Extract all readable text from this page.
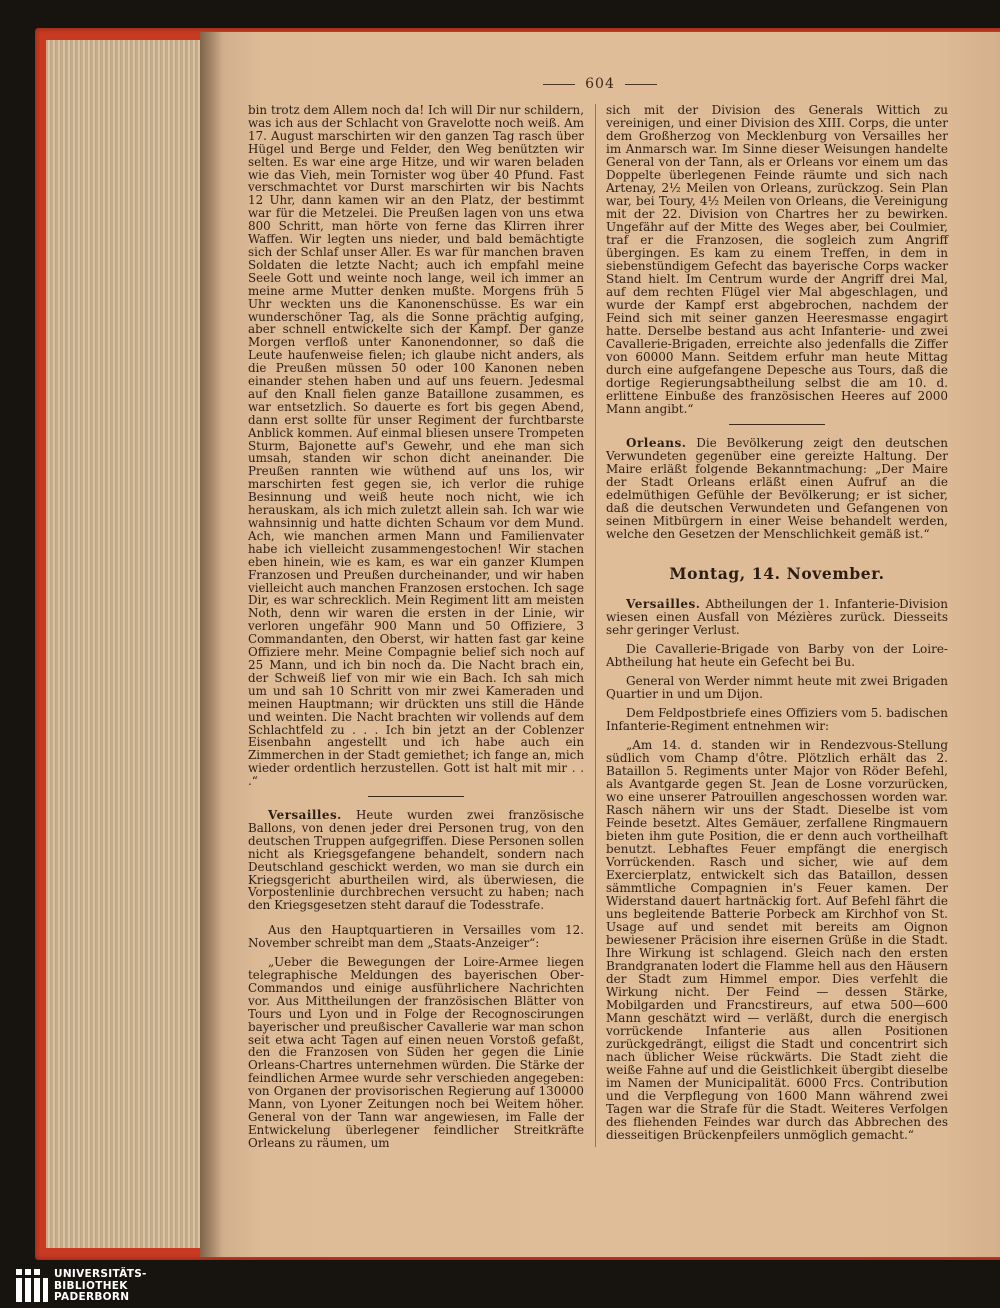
604

bin trotz dem Allem noch da! Ich will Dir nur schildern, was ich aus der Schlacht von Gravelotte noch weiß. Am 17. August marschirten wir den ganzen Tag rasch über Hügel und Berge und Felder, den Weg benützten wir selten. Es war eine arge Hitze, und wir waren beladen wie das Vieh, mein Tornister wog über 40 Pfund. Fast verschmachtet vor Durst marschirten wir bis Nachts 12 Uhr, dann kamen wir an den Platz, der bestimmt war für die Metzelei. Die Preußen lagen von uns etwa 800 Schritt, man hörte von ferne das Klirren ihrer Waffen. Wir legten uns nieder, und bald bemächtigte sich der Schlaf unser Aller. Es war für manchen braven Soldaten die letzte Nacht; auch ich empfahl meine Seele Gott und weinte noch lange, weil ich immer an meine arme Mutter denken mußte. Morgens früh 5 Uhr weckten uns die Kanonenschüsse. Es war ein wunderschöner Tag, als die Sonne prächtig aufging, aber schnell entwickelte sich der Kampf. Der ganze Morgen verfloß unter Kanonendonner, so daß die Leute haufenweise fielen; ich glaube nicht anders, als die Preußen müssen 50 oder 100 Kanonen neben einander stehen haben und auf uns feuern. Jedesmal auf den Knall fielen ganze Bataillone zusammen, es war entsetzlich. So dauerte es fort bis gegen Abend, dann erst sollte für unser Regiment der furchtbarste Anblick kommen. Auf einmal bliesen unsere Trompeten Sturm, Bajonette auf's Gewehr, und ehe man sich umsah, standen wir schon dicht aneinander. Die Preußen rannten wie wüthend auf uns los, wir marschirten fest gegen sie, ich verlor die ruhige Besinnung und weiß heute noch nicht, wie ich herauskam, als ich mich zuletzt allein sah. Ich war wie wahnsinnig und hatte dichten Schaum vor dem Mund. Ach, wie manchen armen Mann und Familienvater habe ich vielleicht zusammengestochen! Wir stachen eben hinein, wie es kam, es war ein ganzer Klumpen Franzosen und Preußen durcheinander, und wir haben vielleicht auch manchen Franzosen erstochen. Ich sage Dir, es war schrecklich. Mein Regiment litt am meisten Noth, denn wir waren die ersten in der Linie, wir verloren ungefähr 900 Mann und 50 Offiziere, 3 Commandanten, den Oberst, wir hatten fast gar keine Offiziere mehr. Meine Compagnie belief sich noch auf 25 Mann, und ich bin noch da. Die Nacht brach ein, der Schweiß lief von mir wie ein Bach. Ich sah mich um und sah 10 Schritt von mir zwei Kameraden und meinen Hauptmann; wir drückten uns still die Hände und weinten. Die Nacht brachten wir vollends auf dem Schlachtfeld zu . . . Ich bin jetzt an der Coblenzer Eisenbahn angestellt und ich habe auch ein Zimmerchen in der Stadt gemiethet; ich fange an, mich wieder ordentlich herzustellen. Gott ist halt mit mir . . .“

Versailles. Heute wurden zwei französische Ballons, von denen jeder drei Personen trug, von den deutschen Truppen aufgegriffen. Diese Personen sollen nicht als Kriegsgefangene behandelt, sondern nach Deutschland geschickt werden, wo man sie durch ein Kriegsgericht aburtheilen wird, als überwiesen, die Vorpostenlinie durchbrechen versucht zu haben; nach den Kriegsgesetzen steht darauf die Todesstrafe.

Aus den Hauptquartieren in Versailles vom 12. November schreibt man dem „Staats-Anzeiger“:

„Ueber die Bewegungen der Loire-Armee liegen telegraphische Meldungen des bayerischen Ober-Commandos und einige ausführlichere Nachrichten vor. Aus Mittheilungen der französischen Blätter von Tours und Lyon und in Folge der Recognoscirungen bayerischer und preußischer Cavallerie war man schon seit etwa acht Tagen auf einen neuen Vorstoß gefaßt, den die Franzosen von Süden her gegen die Linie Orleans-Chartres unternehmen würden. Die Stärke der feindlichen Armee wurde sehr verschieden angegeben: von Organen der provisorischen Regierung auf 130000 Mann, von Lyoner Zeitungen noch bei Weitem höher. General von der Tann war angewiesen, im Falle der Entwickelung überlegener feindlicher Streitkräfte Orleans zu räumen, um

sich mit der Division des Generals Wittich zu vereinigen, und einer Division des XIII. Corps, die unter dem Großherzog von Mecklenburg von Versailles her im Anmarsch war. Im Sinne dieser Weisungen handelte General von der Tann, als er Orleans vor einem um das Doppelte überlegenen Feinde räumte und sich nach Artenay, 2½ Meilen von Orleans, zurückzog. Sein Plan war, bei Toury, 4½ Meilen von Orleans, die Vereinigung mit der 22. Division von Chartres her zu bewirken. Ungefähr auf der Mitte des Weges aber, bei Coulmier, traf er die Franzosen, die sogleich zum Angriff übergingen. Es kam zu einem Treffen, in dem in siebenstündigem Gefecht das bayerische Corps wacker Stand hielt. Im Centrum wurde der Angriff drei Mal, auf dem rechten Flügel vier Mal abgeschlagen, und wurde der Kampf erst abgebrochen, nachdem der Feind sich mit seiner ganzen Heeresmasse engagirt hatte. Derselbe bestand aus acht Infanterie- und zwei Cavallerie-Brigaden, erreichte also jedenfalls die Ziffer von 60000 Mann. Seitdem erfuhr man heute Mittag durch eine aufgefangene Depesche aus Tours, daß die dortige Regierungsabtheilung selbst die am 10. d. erlittene Einbuße des französischen Heeres auf 2000 Mann angibt.“

Orleans. Die Bevölkerung zeigt den deutschen Verwundeten gegenüber eine gereizte Haltung. Der Maire erläßt folgende Bekanntmachung: „Der Maire der Stadt Orleans erläßt einen Aufruf an die edelmüthigen Gefühle der Bevölkerung; er ist sicher, daß die deutschen Verwundeten und Gefangenen von seinen Mitbürgern in einer Weise behandelt werden, welche den Gesetzen der Menschlichkeit gemäß ist.“

Montag, 14. November.

Versailles. Abtheilungen der 1. Infanterie-Division wiesen einen Ausfall von Mézières zurück. Diesseits sehr geringer Verlust.

Die Cavallerie-Brigade von Barby von der Loire-Abtheilung hat heute ein Gefecht bei Bu.

General von Werder nimmt heute mit zwei Brigaden Quartier in und um Dijon.

Dem Feldpostbriefe eines Offiziers vom 5. badischen Infanterie-Regiment entnehmen wir:

„Am 14. d. standen wir in Rendezvous-Stellung südlich vom Champ d'ôtre. Plötzlich erhält das 2. Bataillon 5. Regiments unter Major von Röder Befehl, als Avantgarde gegen St. Jean de Losne vorzurücken, wo eine unserer Patrouillen angeschossen worden war. Rasch nähern wir uns der Stadt. Dieselbe ist vom Feinde besetzt. Altes Gemäuer, zerfallene Ringmauern bieten ihm gute Position, die er denn auch vortheilhaft benutzt. Lebhaftes Feuer empfängt die energisch Vorrückenden. Rasch und sicher, wie auf dem Exercierplatz, entwickelt sich das Bataillon, dessen sämmtliche Compagnien in's Feuer kamen. Der Widerstand dauert hartnäckig fort. Auf Befehl fährt die uns begleitende Batterie Porbeck am Kirchhof von St. Usage auf und sendet mit bereits am Oignon bewiesener Präcision ihre eisernen Grüße in die Stadt. Ihre Wirkung ist schlagend. Gleich nach den ersten Brandgranaten lodert die Flamme hell aus den Häusern der Stadt zum Himmel empor. Dies verfehlt die Wirkung nicht. Der Feind — dessen Stärke, Mobilgarden und Francstireurs, auf etwa 500—600 Mann geschätzt wird — verläßt, durch die energisch vorrückende Infanterie aus allen Positionen zurückgedrängt, eiligst die Stadt und concentrirt sich nach üblicher Weise rückwärts. Die Stadt zieht die weiße Fahne auf und die Geistlichkeit übergibt dieselbe im Namen der Municipalität. 6000 Frcs. Contribution und die Verpflegung von 1600 Mann während zwei Tagen war die Strafe für die Stadt. Weiteres Verfolgen des fliehenden Feindes war durch das Abbrechen des diesseitigen Brückenpfeilers unmöglich gemacht.“

UNIVERSITÄTS-
BIBLIOTHEK
PADERBORN
